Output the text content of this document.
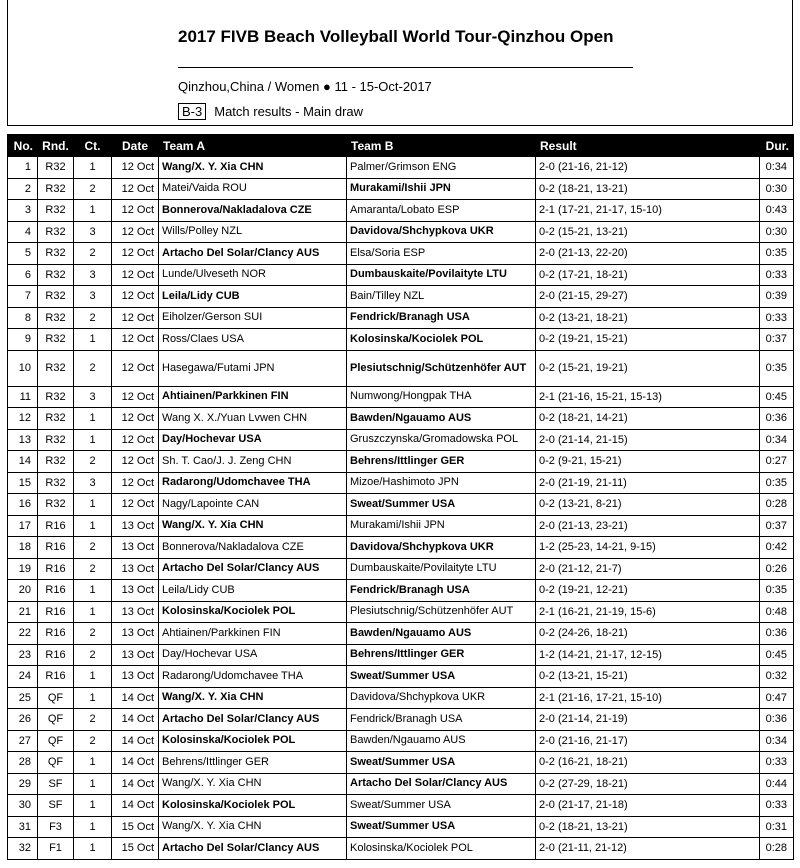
2017 FIVB Beach Volleyball World Tour-Qinzhou Open
Qinzhou,China / Women ● 11 - 15-Oct-2017
B-3 Match results - Main draw
No.	Rnd.	Ct.	Date	Team A	Team B	Result	Dur.
1	R32	1	12 Oct	Wang/X. Y. Xia CHN	Palmer/Grimson ENG	2-0 (21-16, 21-12)	0:34
2	R32	2	12 Oct	Matei/Vaida ROU	Murakami/Ishii JPN	0-2 (18-21, 13-21)	0:30
3	R32	1	12 Oct	Bonnerova/Nakladalova CZE	Amaranta/Lobato ESP	2-1 (17-21, 21-17, 15-10)	0:43
4	R32	3	12 Oct	Wills/Polley NZL	Davidova/Shchypkova UKR	0-2 (15-21, 13-21)	0:30
5	R32	2	12 Oct	Artacho Del Solar/Clancy AUS	Elsa/Soria ESP	2-0 (21-13, 22-20)	0:35
6	R32	3	12 Oct	Lunde/Ulveseth NOR	Dumbauskaite/Povilaityte LTU	0-2 (17-21, 18-21)	0:33
7	R32	3	12 Oct	Leila/Lidy CUB	Bain/Tilley NZL	2-0 (21-15, 29-27)	0:39
8	R32	2	12 Oct	Eiholzer/Gerson SUI	Fendrick/Branagh USA	0-2 (13-21, 18-21)	0:33
9	R32	1	12 Oct	Ross/Claes USA	Kolosinska/Kociolek POL	0-2 (19-21, 15-21)	0:37
10	R32	2	12 Oct	Hasegawa/Futami JPN	Plesiutschnig/Schützenhöfer AUT	0-2 (15-21, 19-21)	0:35
11	R32	3	12 Oct	Ahtiainen/Parkkinen FIN	Numwong/Hongpak THA	2-1 (21-16, 15-21, 15-13)	0:45
12	R32	1	12 Oct	Wang X. X./Yuan Lvwen CHN	Bawden/Ngauamo AUS	0-2 (18-21, 14-21)	0:36
13	R32	1	12 Oct	Day/Hochevar USA	Gruszczynska/Gromadowska POL	2-0 (21-14, 21-15)	0:34
14	R32	2	12 Oct	Sh. T. Cao/J. J. Zeng CHN	Behrens/Ittlinger GER	0-2 (9-21, 15-21)	0:27
15	R32	3	12 Oct	Radarong/Udomchavee THA	Mizoe/Hashimoto JPN	2-0 (21-19, 21-11)	0:35
16	R32	1	12 Oct	Nagy/Lapointe CAN	Sweat/Summer USA	0-2 (13-21, 8-21)	0:28
17	R16	1	13 Oct	Wang/X. Y. Xia CHN	Murakami/Ishii JPN	2-0 (21-13, 23-21)	0:37
18	R16	2	13 Oct	Bonnerova/Nakladalova CZE	Davidova/Shchypkova UKR	1-2 (25-23, 14-21, 9-15)	0:42
19	R16	2	13 Oct	Artacho Del Solar/Clancy AUS	Dumbauskaite/Povilaityte LTU	2-0 (21-12, 21-7)	0:26
20	R16	1	13 Oct	Leila/Lidy CUB	Fendrick/Branagh USA	0-2 (19-21, 12-21)	0:35
21	R16	1	13 Oct	Kolosinska/Kociolek POL	Plesiutschnig/Schützenhöfer AUT	2-1 (16-21, 21-19, 15-6)	0:48
22	R16	2	13 Oct	Ahtiainen/Parkkinen FIN	Bawden/Ngauamo AUS	0-2 (24-26, 18-21)	0:36
23	R16	2	13 Oct	Day/Hochevar USA	Behrens/Ittlinger GER	1-2 (14-21, 21-17, 12-15)	0:45
24	R16	1	13 Oct	Radarong/Udomchavee THA	Sweat/Summer USA	0-2 (13-21, 15-21)	0:32
25	QF	1	14 Oct	Wang/X. Y. Xia CHN	Davidova/Shchypkova UKR	2-1 (21-16, 17-21, 15-10)	0:47
26	QF	2	14 Oct	Artacho Del Solar/Clancy AUS	Fendrick/Branagh USA	2-0 (21-14, 21-19)	0:36
27	QF	2	14 Oct	Kolosinska/Kociolek POL	Bawden/Ngauamo AUS	2-0 (21-16, 21-17)	0:34
28	QF	1	14 Oct	Behrens/Ittlinger GER	Sweat/Summer USA	0-2 (16-21, 18-21)	0:33
29	SF	1	14 Oct	Wang/X. Y. Xia CHN	Artacho Del Solar/Clancy AUS	0-2 (27-29, 18-21)	0:44
30	SF	1	14 Oct	Kolosinska/Kociolek POL	Sweat/Summer USA	2-0 (21-17, 21-18)	0:33
31	F3	1	15 Oct	Wang/X. Y. Xia CHN	Sweat/Summer USA	0-2 (18-21, 13-21)	0:31
32	F1	1	15 Oct	Artacho Del Solar/Clancy AUS	Kolosinska/Kociolek POL	2-0 (21-11, 21-12)	0:28
